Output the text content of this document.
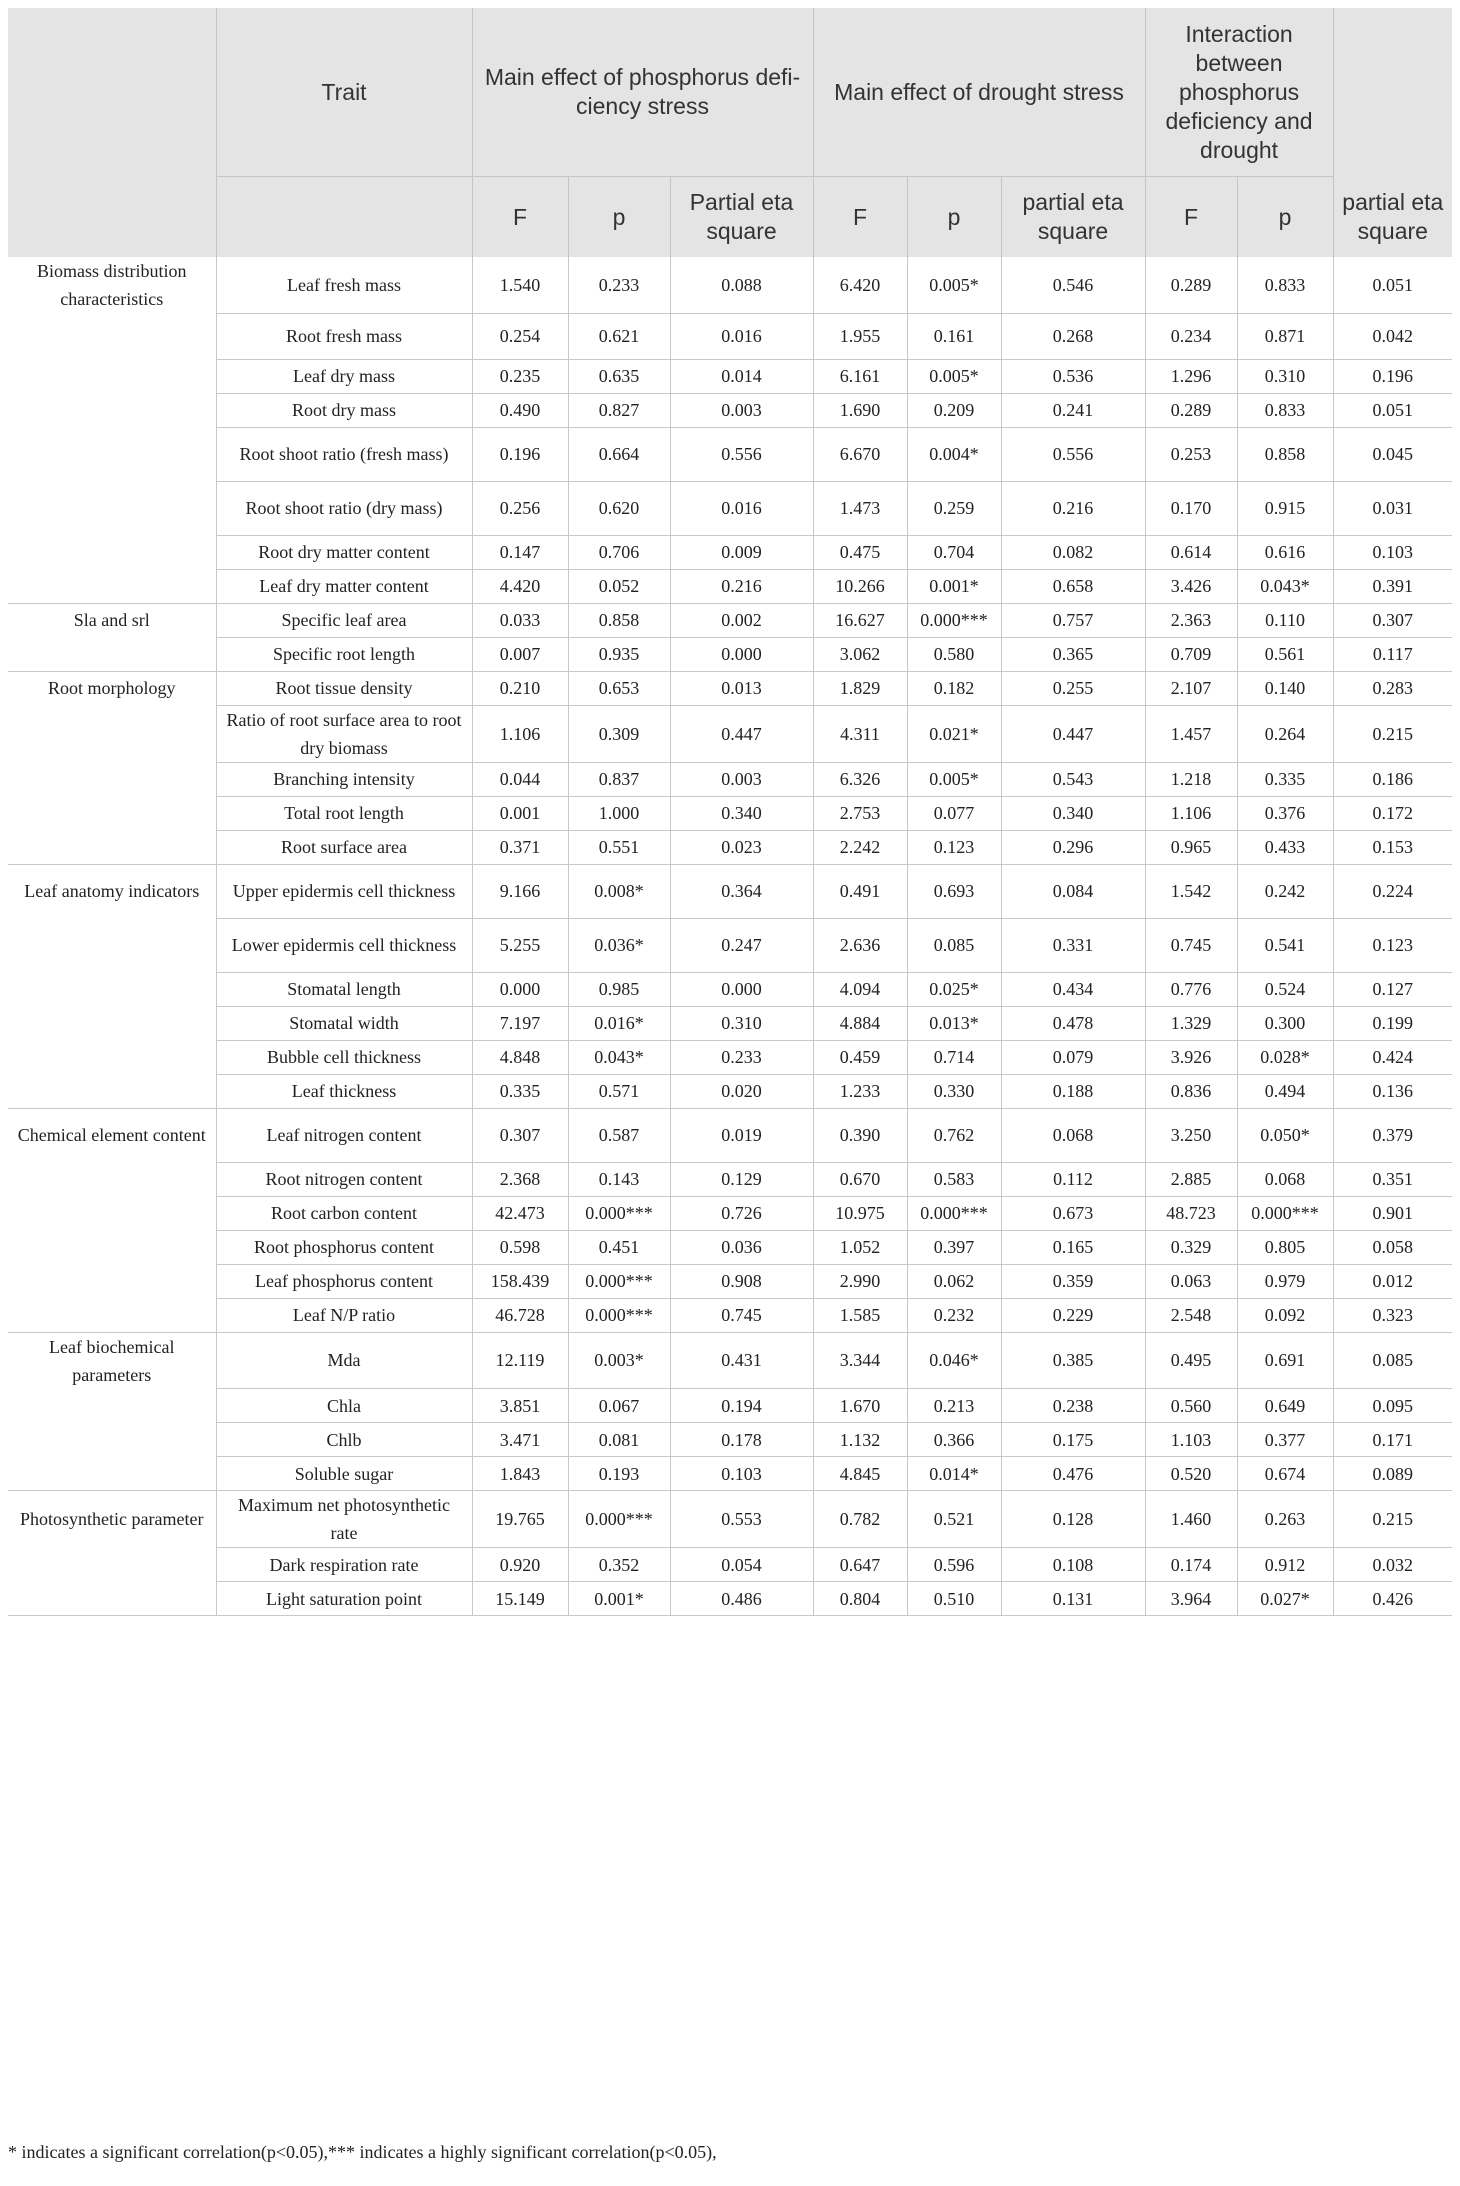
	Trait	Main effect of phosphorus defi-ciency stress			Main effect of drought stress			Interaction between phosphorus deficiency and drought		
		F	p	Partial eta square	F	p	partial eta square	F	p	partial eta square
Biomass distribution characteristics	Leaf fresh mass	1.540	0.233	0.088	6.420	0.005*	0.546	0.289	0.833	0.051
	Root fresh mass	0.254	0.621	0.016	1.955	0.161	0.268	0.234	0.871	0.042
	Leaf dry mass	0.235	0.635	0.014	6.161	0.005*	0.536	1.296	0.310	0.196
	Root dry mass	0.490	0.827	0.003	1.690	0.209	0.241	0.289	0.833	0.051
	Root shoot ratio (fresh mass)	0.196	0.664	0.556	6.670	0.004*	0.556	0.253	0.858	0.045
	Root shoot ratio (dry mass)	0.256	0.620	0.016	1.473	0.259	0.216	0.170	0.915	0.031
	Root dry matter content	0.147	0.706	0.009	0.475	0.704	0.082	0.614	0.616	0.103
	Leaf dry matter content	4.420	0.052	0.216	10.266	0.001*	0.658	3.426	0.043*	0.391
Sla and srl	Specific leaf area	0.033	0.858	0.002	16.627	0.000***	0.757	2.363	0.110	0.307
	Specific root length	0.007	0.935	0.000	3.062	0.580	0.365	0.709	0.561	0.117
Root morphology	Root tissue density	0.210	0.653	0.013	1.829	0.182	0.255	2.107	0.140	0.283
	Ratio of root surface area to root dry biomass	1.106	0.309	0.447	4.311	0.021*	0.447	1.457	0.264	0.215
	Branching intensity	0.044	0.837	0.003	6.326	0.005*	0.543	1.218	0.335	0.186
	Total root length	0.001	1.000	0.340	2.753	0.077	0.340	1.106	0.376	0.172
	Root surface area	0.371	0.551	0.023	2.242	0.123	0.296	0.965	0.433	0.153
Leaf anatomy indicators	Upper epidermis cell thickness	9.166	0.008*	0.364	0.491	0.693	0.084	1.542	0.242	0.224
	Lower epidermis cell thickness	5.255	0.036*	0.247	2.636	0.085	0.331	0.745	0.541	0.123
	Stomatal length	0.000	0.985	0.000	4.094	0.025*	0.434	0.776	0.524	0.127
	Stomatal width	7.197	0.016*	0.310	4.884	0.013*	0.478	1.329	0.300	0.199
	Bubble cell thickness	4.848	0.043*	0.233	0.459	0.714	0.079	3.926	0.028*	0.424
	Leaf thickness	0.335	0.571	0.020	1.233	0.330	0.188	0.836	0.494	0.136
Chemical element content	Leaf nitrogen content	0.307	0.587	0.019	0.390	0.762	0.068	3.250	0.050*	0.379
	Root nitrogen content	2.368	0.143	0.129	0.670	0.583	0.112	2.885	0.068	0.351
	Root carbon content	42.473	0.000***	0.726	10.975	0.000***	0.673	48.723	0.000***	0.901
	Root phosphorus content	0.598	0.451	0.036	1.052	0.397	0.165	0.329	0.805	0.058
	Leaf phosphorus content	158.439	0.000***	0.908	2.990	0.062	0.359	0.063	0.979	0.012
	Leaf N/P ratio	46.728	0.000***	0.745	1.585	0.232	0.229	2.548	0.092	0.323
Leaf biochemical parameters	Mda	12.119	0.003*	0.431	3.344	0.046*	0.385	0.495	0.691	0.085
	Chla	3.851	0.067	0.194	1.670	0.213	0.238	0.560	0.649	0.095
	Chlb	3.471	0.081	0.178	1.132	0.366	0.175	1.103	0.377	0.171
	Soluble sugar	1.843	0.193	0.103	4.845	0.014*	0.476	0.520	0.674	0.089
Photosynthetic parameter	Maximum net photosynthetic rate	19.765	0.000***	0.553	0.782	0.521	0.128	1.460	0.263	0.215
	Dark respiration rate	0.920	0.352	0.054	0.647	0.596	0.108	0.174	0.912	0.032
	Light saturation point	15.149	0.001*	0.486	0.804	0.510	0.131	3.964	0.027*	0.426
* indicates a significant correlation(p<0.05),*** indicates a highly significant correlation(p<0.05),
